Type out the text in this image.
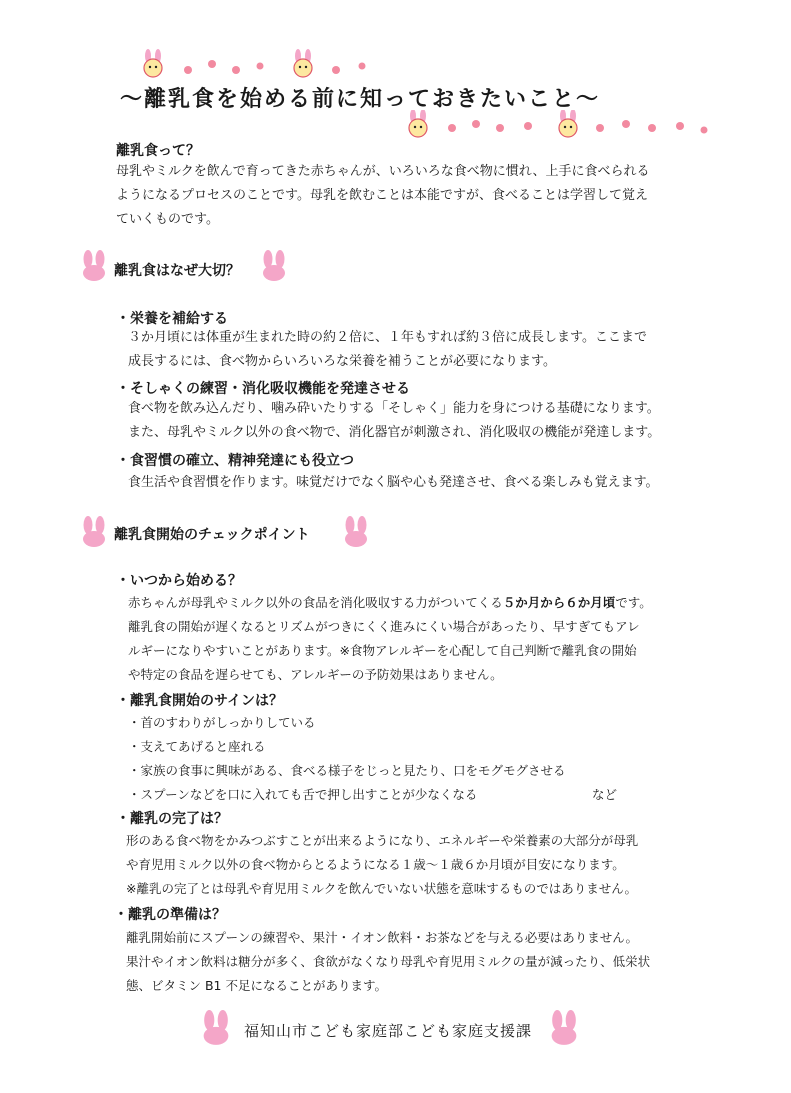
～離乳食を始める前に知っておきたいこと～
離乳食って？
母乳やミルクを飲んで育ってきた赤ちゃんが、いろいろな食べ物に慣れ、上手に食べられる
ようになるプロセスのことです。母乳を飲むことは本能ですが、食べることは学習して覚え
ていくものです。
離乳食はなぜ大切？
・栄養を補給する
３か月頃には体重が生まれた時の約２倍に、１年もすれば約３倍に成長します。ここまで
成長するには、食べ物からいろいろな栄養を補うことが必要になります。
・そしゃくの練習・消化吸収機能を発達させる
食べ物を飲み込んだり、噛み砕いたりする「そしゃく」能力を身につける基礎になります。
また、母乳やミルク以外の食べ物で、消化器官が刺激され、消化吸収の機能が発達します。
・食習慣の確立、精神発達にも役立つ
食生活や食習慣を作ります。味覚だけでなく脳や心も発達させ、食べる楽しみも覚えます。
離乳食開始のチェックポイント
・いつから始める？
赤ちゃんが母乳やミルク以外の食品を消化吸収する力がついてくる５か月から６か月頃です。
離乳食の開始が遅くなるとリズムがつきにくく進みにくい場合があったり、早すぎてもアレ
ルギーになりやすいことがあります。※食物アレルギーを心配して自己判断で離乳食の開始
や特定の食品を遅らせても、アレルギーの予防効果はありません。
・離乳食開始のサインは？
・首のすわりがしっかりしている
・支えてあげると座れる
・家族の食事に興味がある、食べる様子をじっと見たり、口をモグモグさせる
・スプーンなどを口に入れても舌で押し出すことが少なくなる	など
・離乳の完了は？
形のある食べ物をかみつぶすことが出来るようになり、エネルギーや栄養素の大部分が母乳
や育児用ミルク以外の食べ物からとるようになる１歳～１歳６か月頃が目安になります。
※離乳の完了とは母乳や育児用ミルクを飲んでいない状態を意味するものではありません。
・離乳の準備は？
離乳開始前にスプーンの練習や、果汁・イオン飲料・お茶などを与える必要はありません。
果汁やイオン飲料は糖分が多く、食欲がなくなり母乳や育児用ミルクの量が減ったり、低栄状
態、ビタミン B1 不足になることがあります。
福知山市こども家庭部こども家庭支援課
